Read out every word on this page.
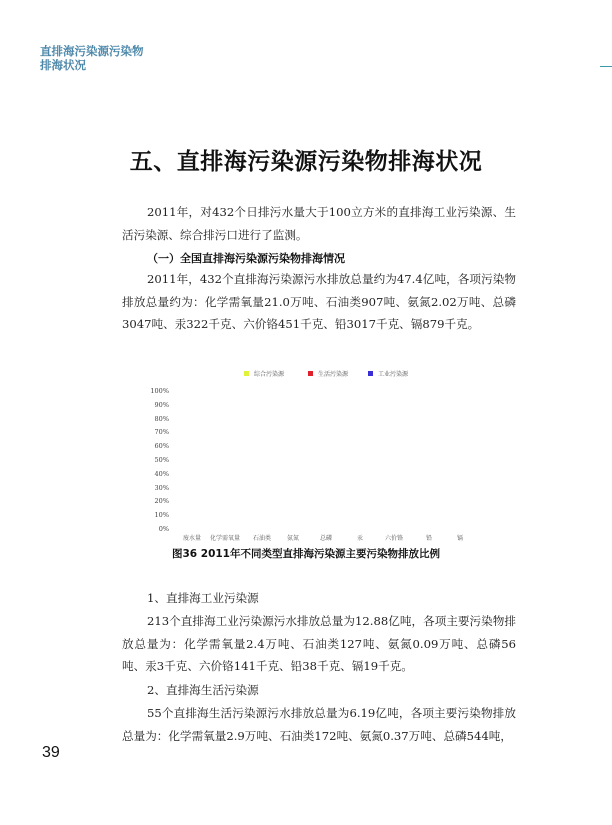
直排海污染源污染物
排海状况
五、直排海污染源污染物排海状况
2011年，对432个日排污水量大于100立方米的直排海工业污染源、生活污染源、综合排污口进行了监测。
（一）全国直排海污染源污染物排海情况
2011年，432个直排海污染源污水排放总量约为47.4亿吨，各项污染物排放总量约为：化学需氧量21.0万吨、石油类907吨、氨氮2.02万吨、总磷3047吨、汞322千克、六价铬451千克、铅3017千克、镉879千克。
综合污染源	生活污染源	工业污染源
100%
90%
80%
70%
60%
50%
40%
30%
20%
10%
0%
废水量 化学需氧量 石油类	氨氮	总磷	汞	六价铬	铅	镉
图36 2011年不同类型直排海污染源主要污染物排放比例
1、直排海工业污染源
213个直排海工业污染源污水排放总量为12.88亿吨，各项主要污染物排放总量为：化学需氧量2.4万吨、石油类127吨、氨氮0.09万吨、总磷56吨、汞3千克、六价铬141千克、铅38千克、镉19千克。
2、直排海生活污染源
55个直排海生活污染源污水排放总量为6.19亿吨，各项主要污染物排放总量为：化学需氧量2.9万吨、石油类172吨、氨氮0.37万吨、总磷544吨，
39
